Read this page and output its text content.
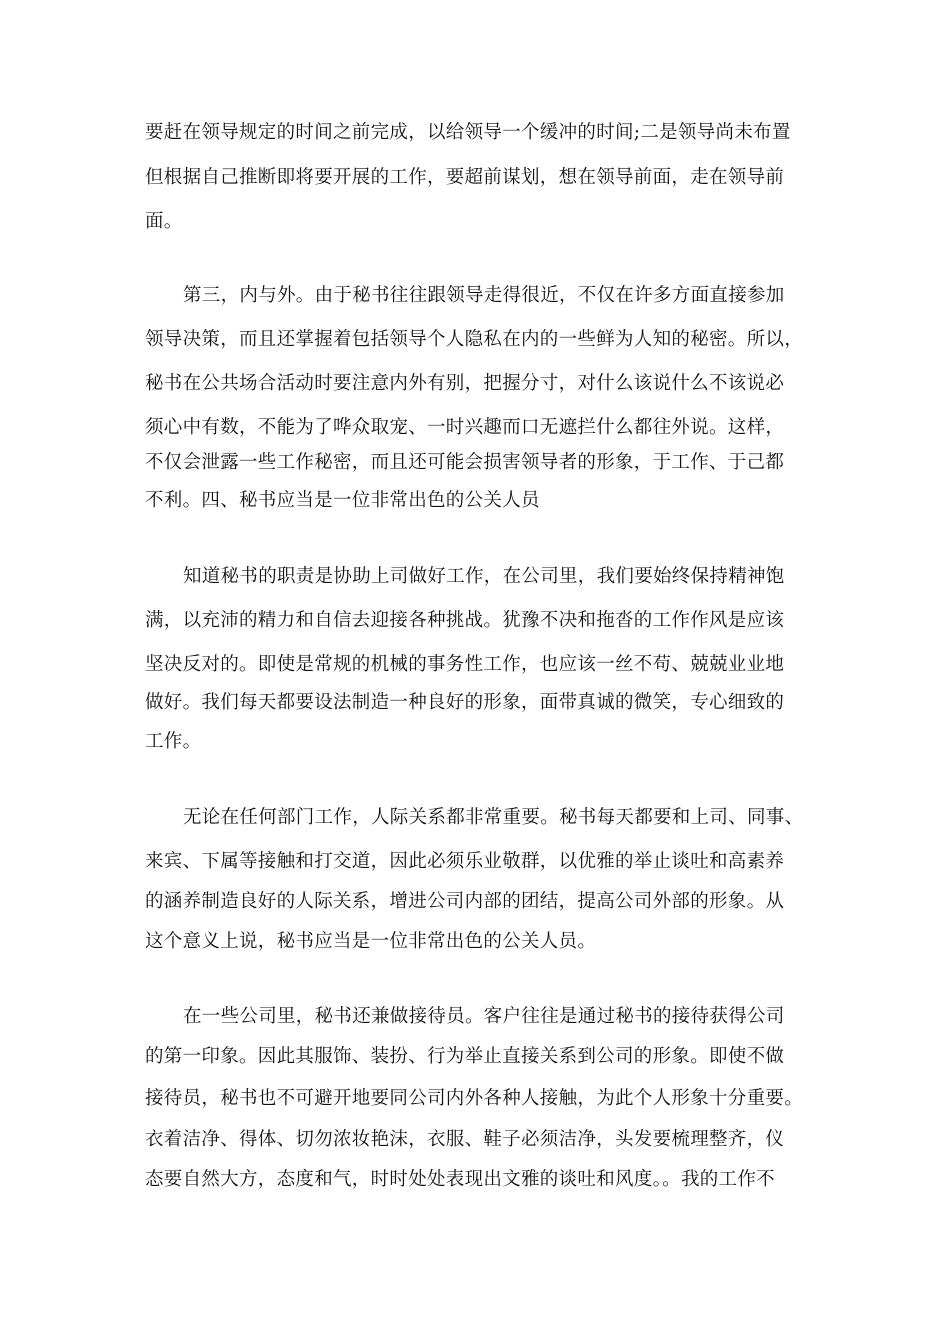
要赶在领导规定的时间之前完成，以给领导一个缓冲的时间;二是领导尚未布置
但根据自己推断即将要开展的工作，要超前谋划，想在领导前面，走在领导前
面。
第三，内与外。由于秘书往往跟领导走得很近，不仅在许多方面直接参加
领导决策，而且还掌握着包括领导个人隐私在内的一些鲜为人知的秘密。所以，
秘书在公共场合活动时要注意内外有别，把握分寸，对什么该说什么不该说必
须心中有数，不能为了哗众取宠、一时兴趣而口无遮拦什么都往外说。这样，
不仅会泄露一些工作秘密，而且还可能会损害领导者的形象，于工作、于己都
不利。四、秘书应当是一位非常出色的公关人员
知道秘书的职责是协助上司做好工作，在公司里，我们要始终保持精神饱
满，以充沛的精力和自信去迎接各种挑战。犹豫不决和拖沓的工作作风是应该
坚决反对的。即使是常规的机械的事务性工作，也应该一丝不苟、兢兢业业地
做好。我们每天都要设法制造一种良好的形象，面带真诚的微笑，专心细致的
工作。
无论在任何部门工作，人际关系都非常重要。秘书每天都要和上司、同事、
来宾、下属等接触和打交道，因此必须乐业敬群，以优雅的举止谈吐和高素养
的涵养制造良好的人际关系，增进公司内部的团结，提高公司外部的形象。从
这个意义上说，秘书应当是一位非常出色的公关人员。
在一些公司里，秘书还兼做接待员。客户往往是通过秘书的接待获得公司
的第一印象。因此其服饰、装扮、行为举止直接关系到公司的形象。即使不做
接待员，秘书也不可避开地要同公司内外各种人接触，为此个人形象十分重要。
衣着洁净、得体、切勿浓妆艳沫，衣服、鞋子必须洁净，头发要梳理整齐，仪
态要自然大方，态度和气，时时处处表现出文雅的谈吐和风度。。我的工作不
